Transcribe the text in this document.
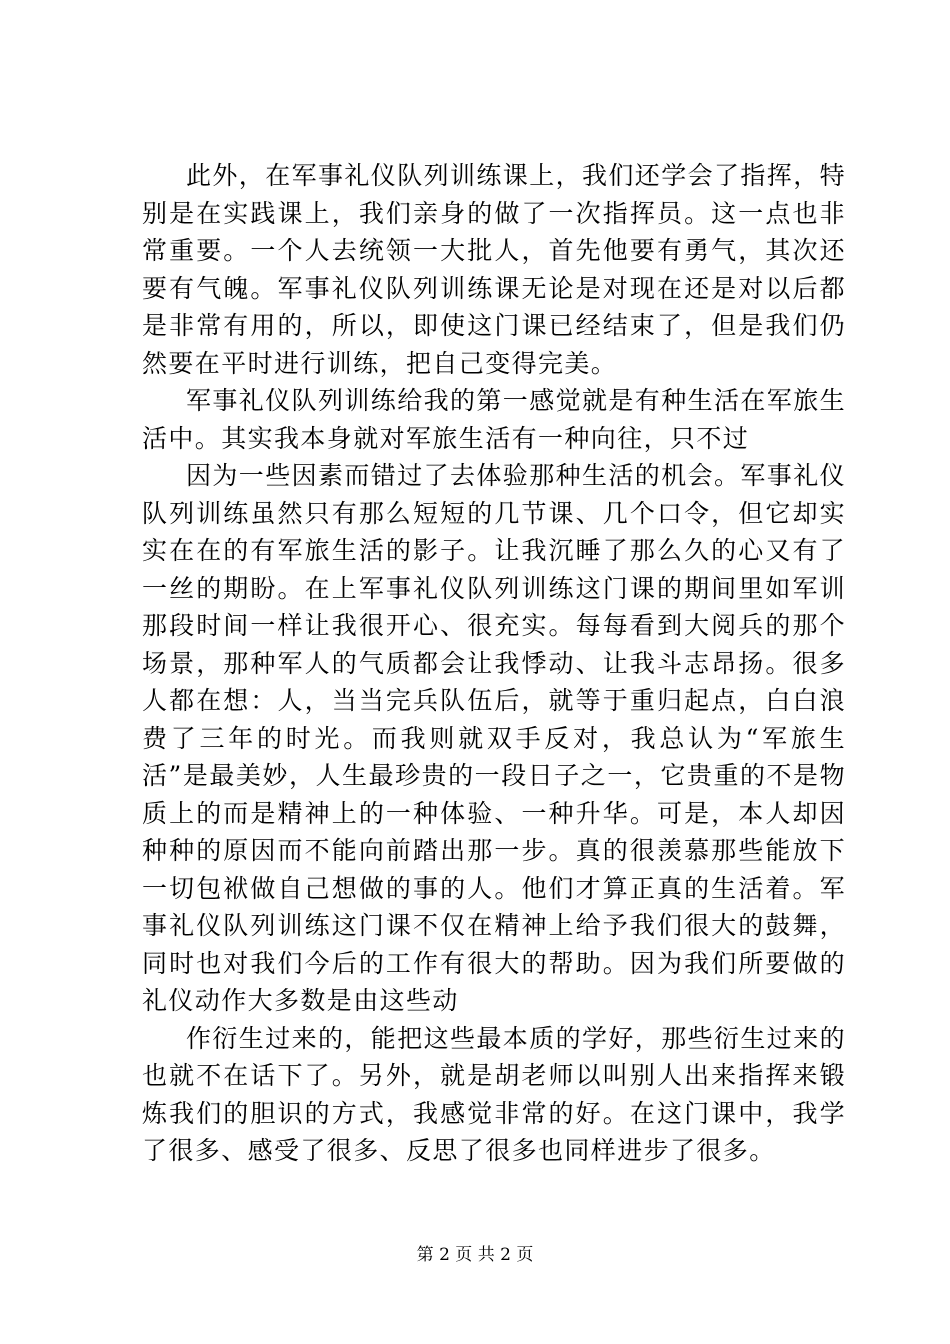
此外，在军事礼仪队列训练课上，我们还学会了指挥，特别是在实践课上，我们亲身的做了一次指挥员。这一点也非常重要。一个人去统领一大批人，首先他要有勇气，其次还要有气魄。军事礼仪队列训练课无论是对现在还是对以后都是非常有用的，所以，即使这门课已经结束了，但是我们仍然要在平时进行训练，把自己变得完美。

军事礼仪队列训练给我的第一感觉就是有种生活在军旅生活中。其实我本身就对军旅生活有一种向往，只不过

因为一些因素而错过了去体验那种生活的机会。军事礼仪队列训练虽然只有那么短短的几节课、几个口令，但它却实实在在的有军旅生活的影子。让我沉睡了那么久的心又有了一丝的期盼。在上军事礼仪队列训练这门课的期间里如军训那段时间一样让我很开心、很充实。每每看到大阅兵的那个场景，那种军人的气质都会让我悸动、让我斗志昂扬。很多人都在想：人，当当完兵队伍后，就等于重归起点，白白浪费了三年的时光。而我则就双手反对，我总认为“军旅生活”是最美妙，人生最珍贵的一段日子之一，它贵重的不是物质上的而是精神上的一种体验、一种升华。可是，本人却因种种的原因而不能向前踏出那一步。真的很羡慕那些能放下一切包袱做自己想做的事的人。他们才算正真的生活着。军事礼仪队列训练这门课不仅在精神上给予我们很大的鼓舞，同时也对我们今后的工作有很大的帮助。因为我们所要做的礼仪动作大多数是由这些动

作衍生过来的，能把这些最本质的学好，那些衍生过来的也就不在话下了。另外，就是胡老师以叫别人出来指挥来锻炼我们的胆识的方式，我感觉非常的好。在这门课中，我学了很多、感受了很多、反思了很多也同样进步了很多。

第 2 页 共 2 页
